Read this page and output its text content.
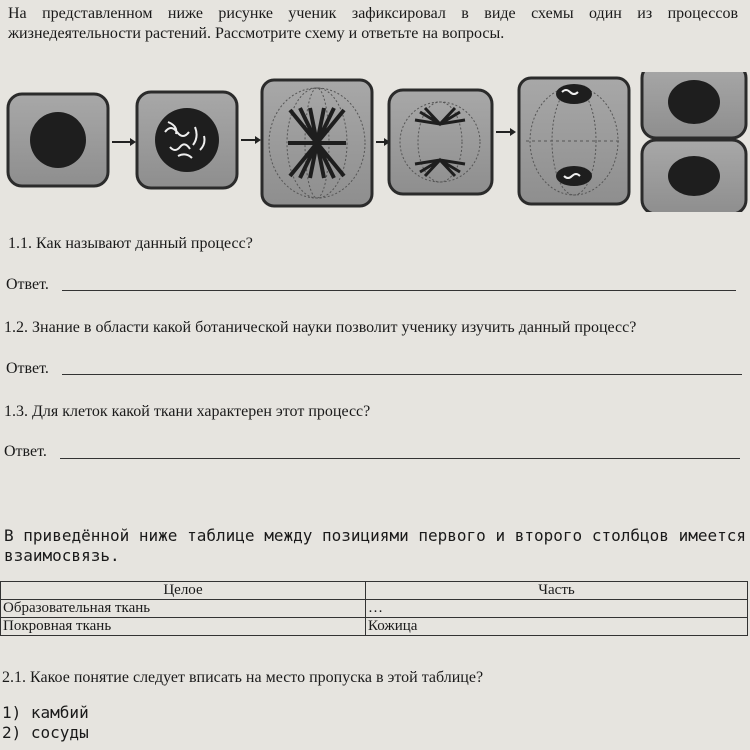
На представленном ниже рисунке ученик зафиксировал в виде схемы один из процессов жизнедеятельности растений. Рассмотрите схему и ответьте на вопросы.
1.1. Как называют данный процесс?
Ответ.
1.2. Знание в области какой ботанической науки позволит ученику изучить данный процесс?
Ответ.
1.3. Для клеток какой ткани характерен этот процесс?
Ответ.
В приведённой ниже таблице между позициями первого и второго столбцов имеется взаимосвязь.
Целое	Часть
Образовательная ткань	…
Покровная ткань	Кожица
2.1. Какое понятие следует вписать на место пропуска в этой таблице?
1) камбий
2) сосуды
